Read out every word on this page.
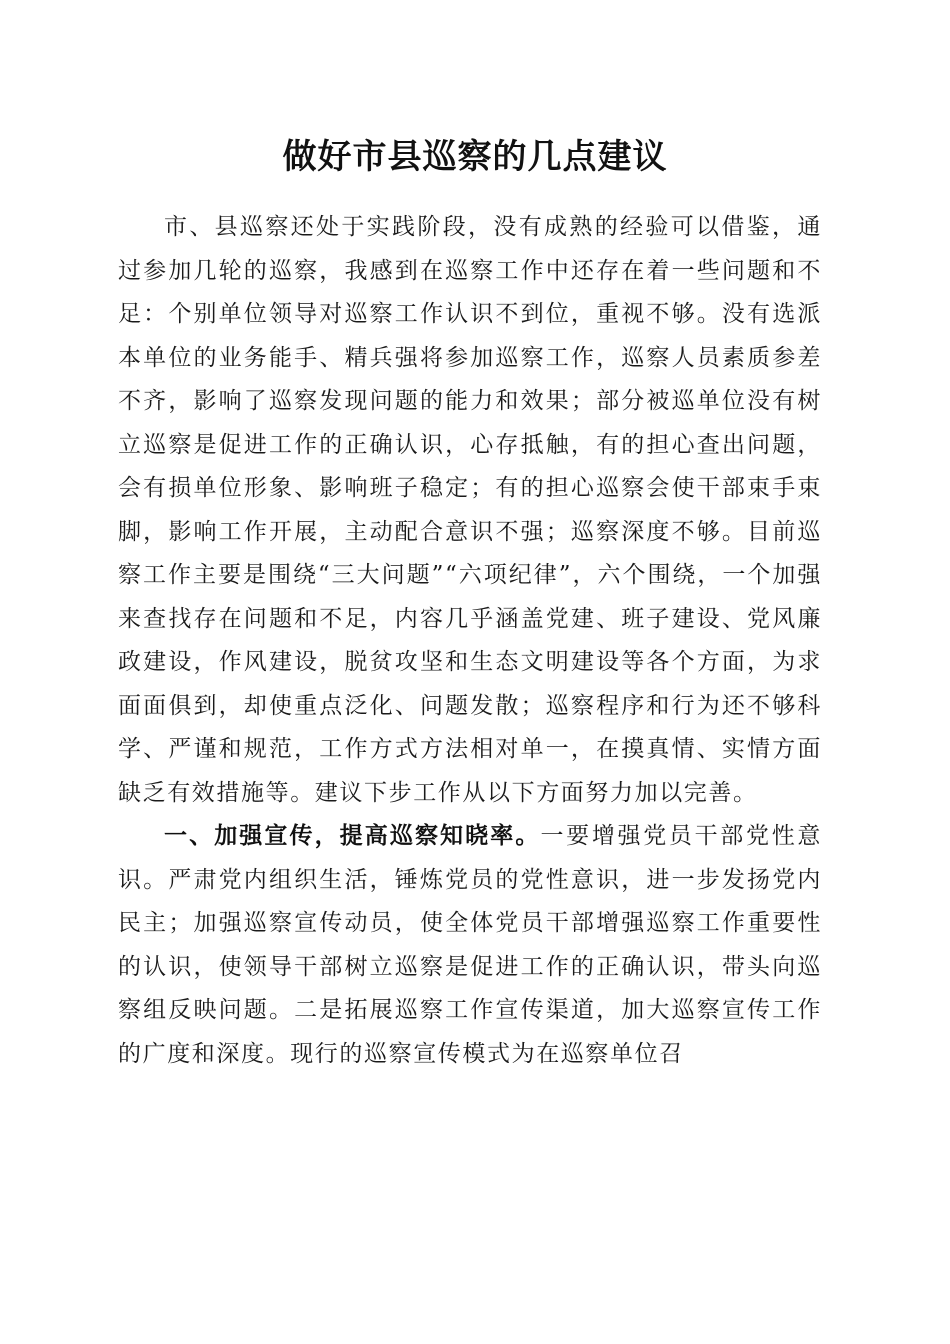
做好市县巡察的几点建议

市、县巡察还处于实践阶段，没有成熟的经验可以借鉴，通过参加几轮的巡察，我感到在巡察工作中还存在着一些问题和不足：个别单位领导对巡察工作认识不到位，重视不够。没有选派本单位的业务能手、精兵强将参加巡察工作，巡察人员素质参差不齐，影响了巡察发现问题的能力和效果；部分被巡单位没有树立巡察是促进工作的正确认识，心存抵触，有的担心查出问题，会有损单位形象、影响班子稳定；有的担心巡察会使干部束手束脚，影响工作开展，主动配合意识不强；巡察深度不够。目前巡察工作主要是围绕“三大问题”“六项纪律”，六个围绕，一个加强来查找存在问题和不足，内容几乎涵盖党建、班子建设、党风廉政建设，作风建设，脱贫攻坚和生态文明建设等各个方面，为求面面俱到，却使重点泛化、问题发散；巡察程序和行为还不够科学、严谨和规范，工作方式方法相对单一，在摸真情、实情方面缺乏有效措施等。建议下步工作从以下方面努力加以完善。

一、加强宣传，提高巡察知晓率。一要增强党员干部党性意识。严肃党内组织生活，锤炼党员的党性意识，进一步发扬党内民主；加强巡察宣传动员，使全体党员干部增强巡察工作重要性的认识，使领导干部树立巡察是促进工作的正确认识，带头向巡察组反映问题。二是拓展巡察工作宣传渠道，加大巡察宣传工作的广度和深度。现行的巡察宣传模式为在巡察单位召
